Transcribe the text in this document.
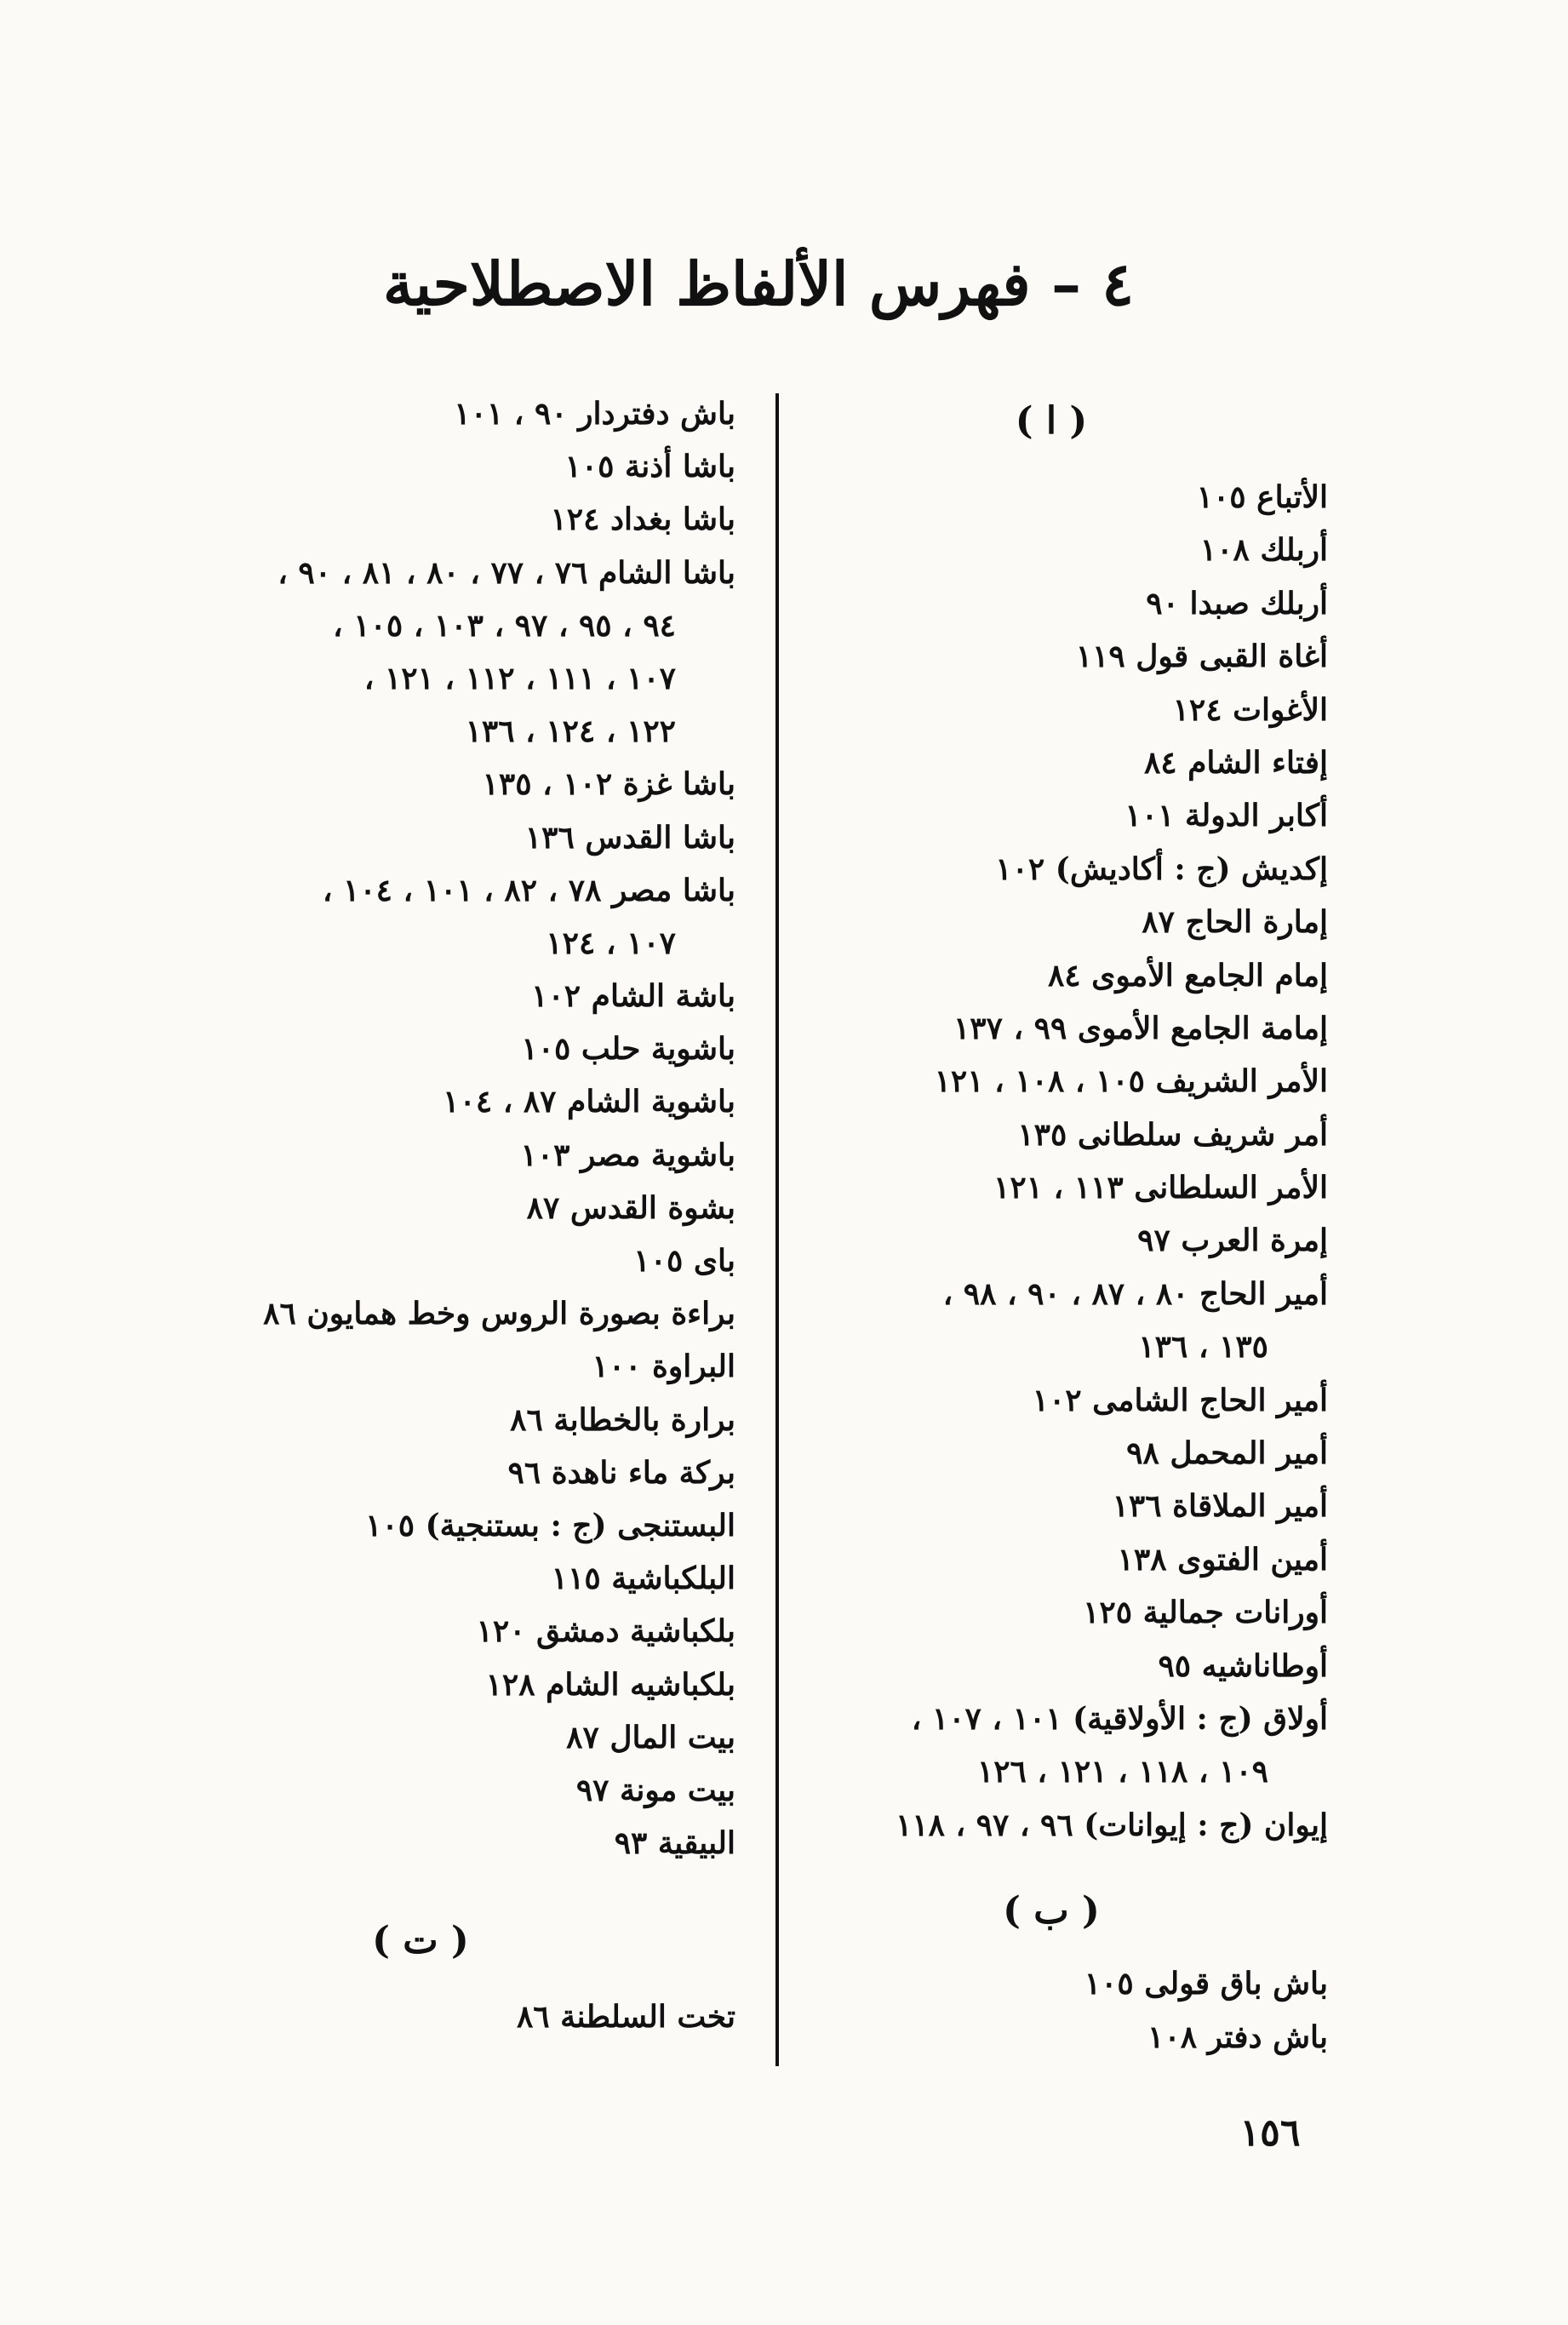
٤ – فهرس الألفاظ الاصطلاحية
( ا )
الأتباع ١٠٥
أربلك ١٠٨
أربلك صبدا ٩٠
أغاة القبى قول ١١٩
الأغوات ١٢٤
إفتاء الشام ٨٤
أكابر الدولة ١٠١
إكديش (ج : أكاديش) ١٠٢
إمارة الحاج ٨٧
إمام الجامع الأموى ٨٤
إمامة الجامع الأموى ٩٩ ، ١٣٧
الأمر الشريف ١٠٥ ، ١٠٨ ، ١٢١
أمر شريف سلطانى ١٣٥
الأمر السلطانى ١١٣ ، ١٢١
إمرة العرب ٩٧
أمير الحاج ٨٠ ، ٨٧ ، ٩٠ ، ٩٨ ،
١٣٥ ، ١٣٦
أمير الحاج الشامى ١٠٢
أمير المحمل ٩٨
أمير الملاقاة ١٣٦
أمين الفتوى ١٣٨
أورانات جمالية ١٢٥
أوطاناشيه ٩٥
أولاق (ج : الأولاقية) ١٠١ ، ١٠٧ ،
١٠٩ ، ١١٨ ، ١٢١ ، ١٢٦
إيوان (ج : إيوانات) ٩٦ ، ٩٧ ، ١١٨
( ب )
باش باق قولى ١٠٥
باش دفتر ١٠٨
باش دفتردار ٩٠ ، ١٠١
باشا أذنة ١٠٥
باشا بغداد ١٢٤
باشا الشام ٧٦ ، ٧٧ ، ٨٠ ، ٨١ ، ٩٠ ،
٩٤ ، ٩٥ ، ٩٧ ، ١٠٣ ، ١٠٥ ،
١٠٧ ، ١١١ ، ١١٢ ، ١٢١ ،
١٢٢ ، ١٢٤ ، ١٣٦
باشا غزة ١٠٢ ، ١٣٥
باشا القدس ١٣٦
باشا مصر ٧٨ ، ٨٢ ، ١٠١ ، ١٠٤ ،
١٠٧ ، ١٢٤
باشة الشام ١٠٢
باشوية حلب ١٠٥
باشوية الشام ٨٧ ، ١٠٤
باشوية مصر ١٠٣
بشوة القدس ٨٧
باى ١٠٥
براءة بصورة الروس وخط همايون ٨٦
البراوة ١٠٠
برارة بالخطابة ٨٦
بركة ماء ناهدة ٩٦
البستنجى (ج : بستنجية) ١٠٥
البلكباشية ١١٥
بلكباشية دمشق ١٢٠
بلكباشيه الشام ١٢٨
بيت المال ٨٧
بيت مونة ٩٧
البيقية ٩٣
( ت )
تخت السلطنة ٨٦
١٥٦
